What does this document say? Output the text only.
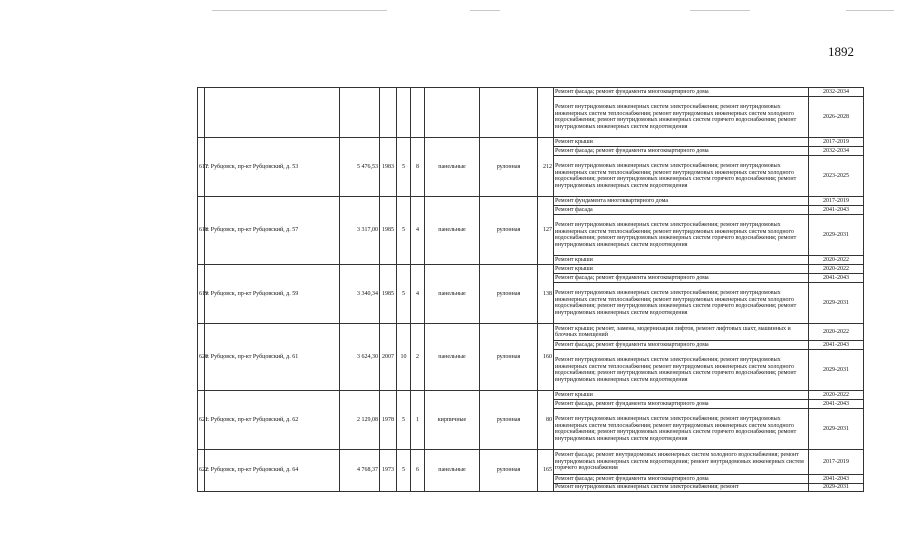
1892
									Ремонт фасада; ремонт фундамента многоквартирного дома	2032-2034
									Ремонт внутридомовых инженерных систем электроснабжения; ремонт внутридомовых инженерных систем теплоснабжения; ремонт внутридомовых инженерных систем холодного водоснабжения; ремонт внутридомовых инженерных систем горячего водоснабжения; ремонт внутридомовых инженерных систем водоотведения	2026-2028
617	г. Рубцовск, пр-кт Рубцовский, д. 53	5 476,53	1983	5	8	панельные	рулонная	212	Ремонт крыши	2017-2019
									Ремонт фасада; ремонт фундамента многоквартирного дома	2032-2034
									Ремонт внутридомовых инженерных систем электроснабжения; ремонт внутридомовых инженерных систем теплоснабжения; ремонт внутридомовых инженерных систем холодного водоснабжения; ремонт внутридомовых инженерных систем горячего водоснабжения; ремонт внутридомовых инженерных систем водоотведения	2023-2025
618	г. Рубцовск, пр-кт Рубцовский, д. 57	3 317,00	1985	5	4	панельные	рулонная	127	Ремонт фундамента многоквартирного дома	2017-2019
									Ремонт фасада	2041-2043
									Ремонт внутридомовых инженерных систем электроснабжения; ремонт внутридомовых инженерных систем теплоснабжения; ремонт внутридомовых инженерных систем холодного водоснабжения; ремонт внутридомовых инженерных систем горячего водоснабжения; ремонт внутридомовых инженерных систем водоотведения	2029-2031
									Ремонт крыши	2020-2022
619	г. Рубцовск, пр-кт Рубцовский, д. 59	3 340,34	1985	5	4	панельные	рулонная	138	Ремонт крыши	2020-2022
									Ремонт фасада; ремонт фундамента многоквартирного дома	2041-2043
									Ремонт внутридомовых инженерных систем электроснабжения; ремонт внутридомовых инженерных систем теплоснабжения; ремонт внутридомовых инженерных систем холодного водоснабжения; ремонт внутридомовых инженерных систем горячего водоснабжения; ремонт внутридомовых инженерных систем водоотведения	2029-2031
620	г. Рубцовск, пр-кт Рубцовский, д. 61	3 624,30	2007	10	2	панельные	рулонная	160	Ремонт крыши; ремонт, замена, модернизация лифтов, ремонт лифтовых шахт, машинных и блочных помещений	2020-2022
									Ремонт фасада; ремонт фундамента многоквартирного дома	2041-2043
									Ремонт внутридомовых инженерных систем электроснабжения; ремонт внутридомовых инженерных систем теплоснабжения; ремонт внутридомовых инженерных систем холодного водоснабжения; ремонт внутридомовых инженерных систем горячего водоснабжения; ремонт внутридомовых инженерных систем водоотведения	2029-2031
621	г. Рубцовск, пр-кт Рубцовский, д. 62	2 129,08	1978	5	1	кирпичные	рулонная	80	Ремонт крыши	2020-2022
									Ремонт фасада, ремонт фундамента многоквартирного дома	2041-2043
									Ремонт внутридомовых инженерных систем электроснабжения; ремонт внутридомовых инженерных систем теплоснабжения; ремонт внутридомовых инженерных систем холодного водоснабжения; ремонт внутридомовых инженерных систем горячего водоснабжения; ремонт внутридомовых инженерных систем водоотведения	2029-2031
622	г. Рубцовск, пр-кт Рубцовский, д. 64	4 768,37	1973	5	6	панельные	рулонная	165	Ремонт фасада; ремонт внутридомовых инженерных систем холодного водоснабжения; ремонт внутридомовых инженерных систем водоотведения; ремонт внутридомовых инженерных систем горячего водоснабжения	2017-2019
									Ремонт фасада; ремонт фундамента многоквартирного дома	2041-2043
									Ремонт внутридомовых инженерных систем электроснабжения; ремонт	2029-2031
